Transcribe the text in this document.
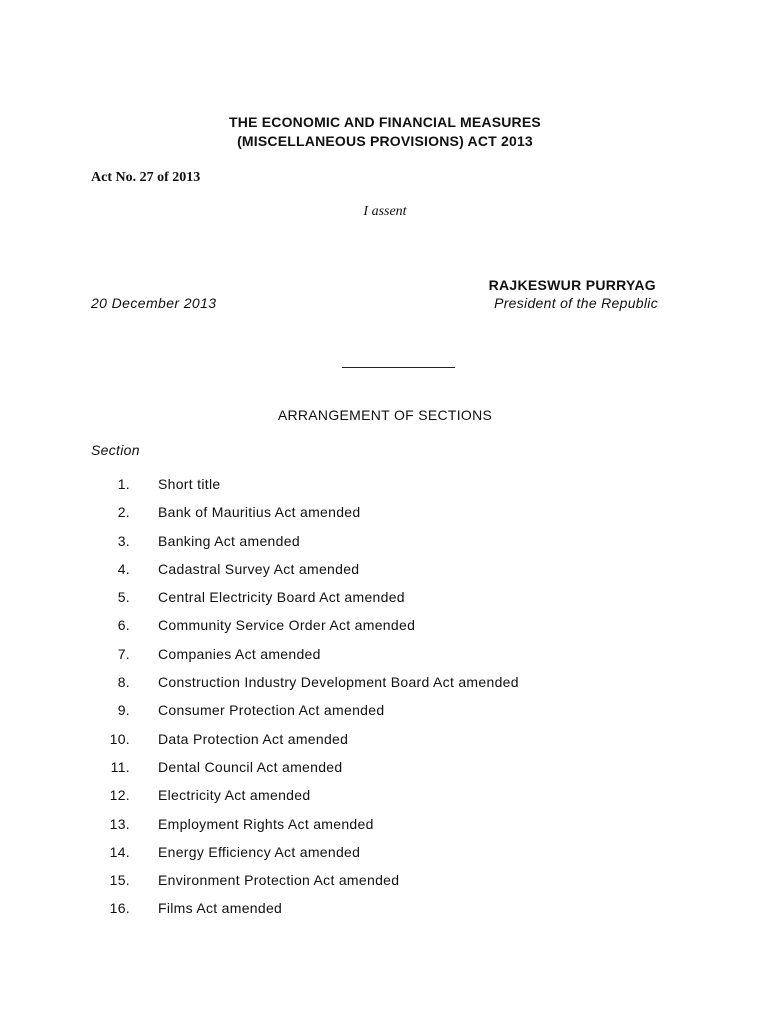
THE ECONOMIC AND FINANCIAL MEASURES
(MISCELLANEOUS PROVISIONS) ACT 2013
Act No. 27 of 2013
I assent
RAJKESWUR PURRYAG
President of the Republic
20 December 2013
ARRANGEMENT OF SECTIONS
Section
1. Short title
2. Bank of Mauritius Act amended
3. Banking Act amended
4. Cadastral Survey Act amended
5. Central Electricity Board Act amended
6. Community Service Order Act amended
7. Companies Act amended
8. Construction Industry Development Board Act amended
9. Consumer Protection Act amended
10. Data Protection Act amended
11. Dental Council Act amended
12. Electricity Act amended
13. Employment Rights Act amended
14. Energy Efficiency Act amended
15. Environment Protection Act amended
16. Films Act amended
